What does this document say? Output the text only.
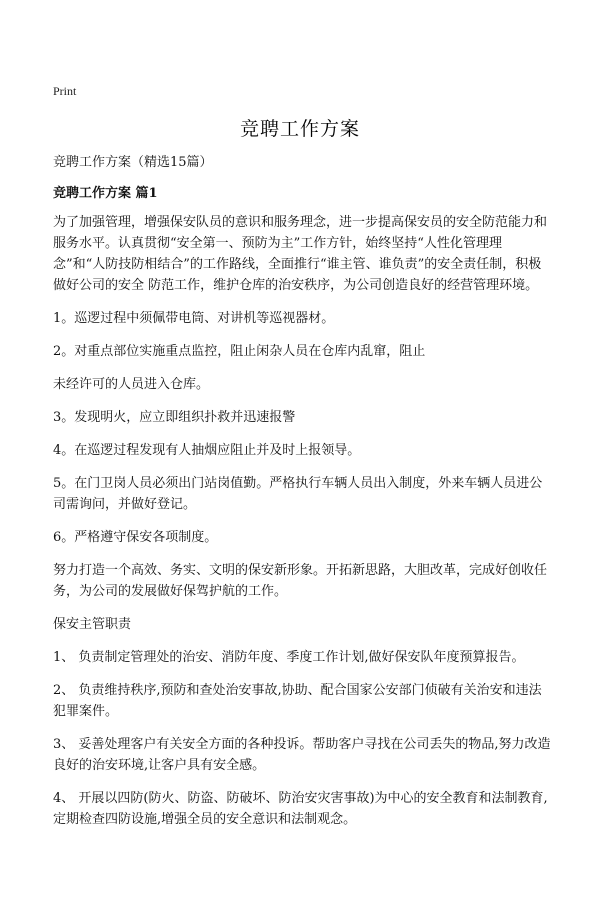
Print
竞聘工作方案

竞聘工作方案（精选15篇）

竞聘工作方案 篇1

为了加强管理，增强保安队员的意识和服务理念，进一步提高保安员的安全防范能力和服务水平。认真贯彻“安全第一、预防为主”工作方针，始终坚持“人性化管理理念”和“人防技防相结合”的工作路线，全面推行“谁主管、谁负责”的安全责任制，积极做好公司的安全 防范工作，维护仓库的治安秩序，为公司创造良好的经营管理环境。

1。巡逻过程中须佩带电筒、对讲机等巡视器材。

2。对重点部位实施重点监控，阻止闲杂人员在仓库内乱窜，阻止

未经许可的人员进入仓库。

3。发现明火，应立即组织扑救并迅速报警

4。在巡逻过程发现有人抽烟应阻止并及时上报领导。

5。在门卫岗人员必须出门站岗值勤。严格执行车辆人员出入制度，外来车辆人员进公司需询问，并做好登记。

6。严格遵守保安各项制度。

努力打造一个高效、务实、文明的保安新形象。开拓新思路，大胆改革，完成好创收任务，为公司的发展做好保驾护航的工作。

保安主管职责

1、 负责制定管理处的治安、消防年度、季度工作计划,做好保安队年度预算报告。

2、 负责维持秩序,预防和查处治安事故,协助、配合国家公安部门侦破有关治安和违法犯罪案件。

3、 妥善处理客户有关安全方面的各种投诉。帮助客户寻找在公司丢失的物品,努力改造良好的治安环境,让客户具有安全感。

4、 开展以四防(防火、防盗、防破坏、防治安灾害事故)为中心的安全教育和法制教育,定期检查四防设施,增强全员的安全意识和法制观念。
